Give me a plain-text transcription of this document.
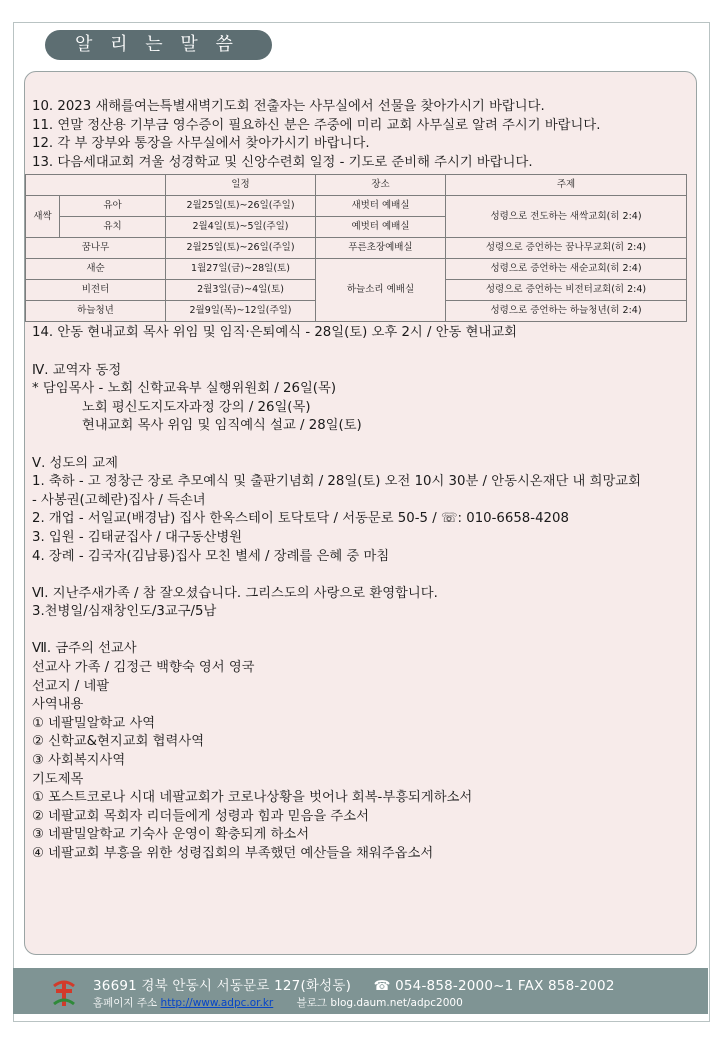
알 리 는 말 씀

10. 2023 새해를여는특별새벽기도회 전출자는 사무실에서 선물을 찾아가시기 바랍니다.

11. 연말 정산용 기부금 영수증이 필요하신 분은 주중에 미리 교회 사무실로 알려 주시기 바랍니다.

12. 각 부 장부와 통장을 사무실에서 찾아가시기 바랍니다.

13. 다음세대교회 겨울 성경학교 및 신앙수련회 일정 - 기도로 준비해 주시기 바랍니다.

		일정	장소	주제
새싹	유아	2월25일(토)~26일(주일)	새벗터 예배실	성령으로 전도하는 새싹교회(히 2:4)
	유치	2월4일(토)~5일(주일)	예벗터 예배실	
꿈나무		2월25일(토)~26일(주일)	푸른초장예배실	성령으로 증언하는 꿈나무교회(히 2:4)
새순		1월27일(금)~28일(토)	하늘소리 예배실	성령으로 증언하는 새순교회(히 2:4)
비전터		2월3일(금)~4일(토)		성령으로 증언하는 비전터교회(히 2:4)
하늘청년		2월9일(목)~12일(주일)		성령으로 증언하는 하늘청년(히 2:4)

14. 안동 현내교회 목사 위임 및 임직·은퇴예식 - 28일(토) 오후 2시 / 안동 현내교회

Ⅳ. 교역자 동정

* 담임목사 - 노회 신학교육부 실행위원회 / 26일(목)

노회 평신도지도자과정 강의 / 26일(목)

현내교회 목사 위임 및 임직예식 설교 / 28일(토)

Ⅴ. 성도의 교제

1. 축하 - 고 정창근 장로 추모예식 및 출판기념회 / 28일(토) 오전 10시 30분 / 안동시온재단 내 희망교회

- 사봉권(고혜란)집사 / 득손녀

2. 개업 - 서일교(배경남) 집사 한옥스테이 토닥토닥 / 서동문로 50-5 / ☏: 010-6658-4208

3. 입원 - 김태균집사 / 대구동산병원

4. 장례 - 김국자(김남룡)집사 모친 별세 / 장례를 은혜 중 마침

Ⅵ. 지난주새가족 / 참 잘오셨습니다. 그리스도의 사랑으로 환영합니다.

3.천병일/심재창인도/3교구/5남

Ⅶ. 금주의 선교사

선교사 가족 / 김정근 백향숙 영서 영국

선교지 / 네팔

사역내용

① 네팔밀알학교 사역

② 신학교&현지교회 협력사역

③ 사회복지사역

기도제목

① 포스트코로나 시대 네팔교회가 코로나상황을 벗어나 회복-부흥되게하소서

② 네팔교회 목회자 리더들에게 성령과 힘과 믿음을 주소서

③ 네팔밀알학교 기숙사 운영이 확충되게 하소서

④ 네팔교회 부흥을 위한 성령집회의 부족했던 예산들을 채워주옵소서

36691 경북 안동시 서동문로 127(화성동) ☎ 054-858-2000~1 FAX 858-2002
홈페이지 주소 http://www.adpc.or.kr 블로그 blog.daum.net/adpc2000
